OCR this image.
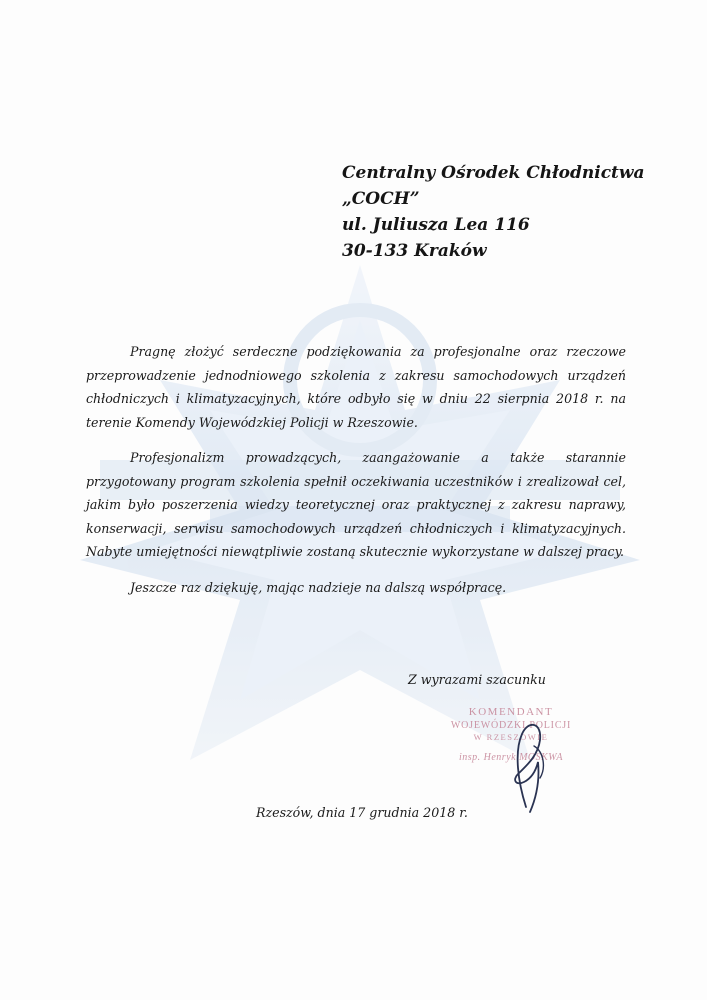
Centralny Ośrodek Chłodnictwa
„COCH”
ul. Juliusza Lea 116
30-133 Kraków

Pragnę złożyć serdeczne podziękowania za profesjonalne oraz rzeczowe przeprowadzenie jednodniowego szkolenia z zakresu samochodowych urządzeń chłodniczych i klimatyzacyjnych, które odbyło się w dniu 22 sierpnia 2018 r. na terenie Komendy Wojewódzkiej Policji w Rzeszowie.

Profesjonalizm prowadzących, zaangażowanie a także starannie przygotowany program szkolenia spełnił oczekiwania uczestników i zrealizował cel, jakim było poszerzenia wiedzy teoretycznej oraz praktycznej z zakresu naprawy, konserwacji, serwisu samochodowych urządzeń chłodniczych i klimatyzacyjnych. Nabyte umiejętności niewątpliwie zostaną skutecznie wykorzystane w dalszej pracy.

Jeszcze raz dziękuję, mając nadzieje na dalszą współpracę.

Z wyrazami szacunku
KOMENDANT
WOJEWÓDZKI POLICJI
W RZESZOWIE
insp. Henryk MOSKWA
Rzeszów, dnia 17 grudnia 2018 r.
